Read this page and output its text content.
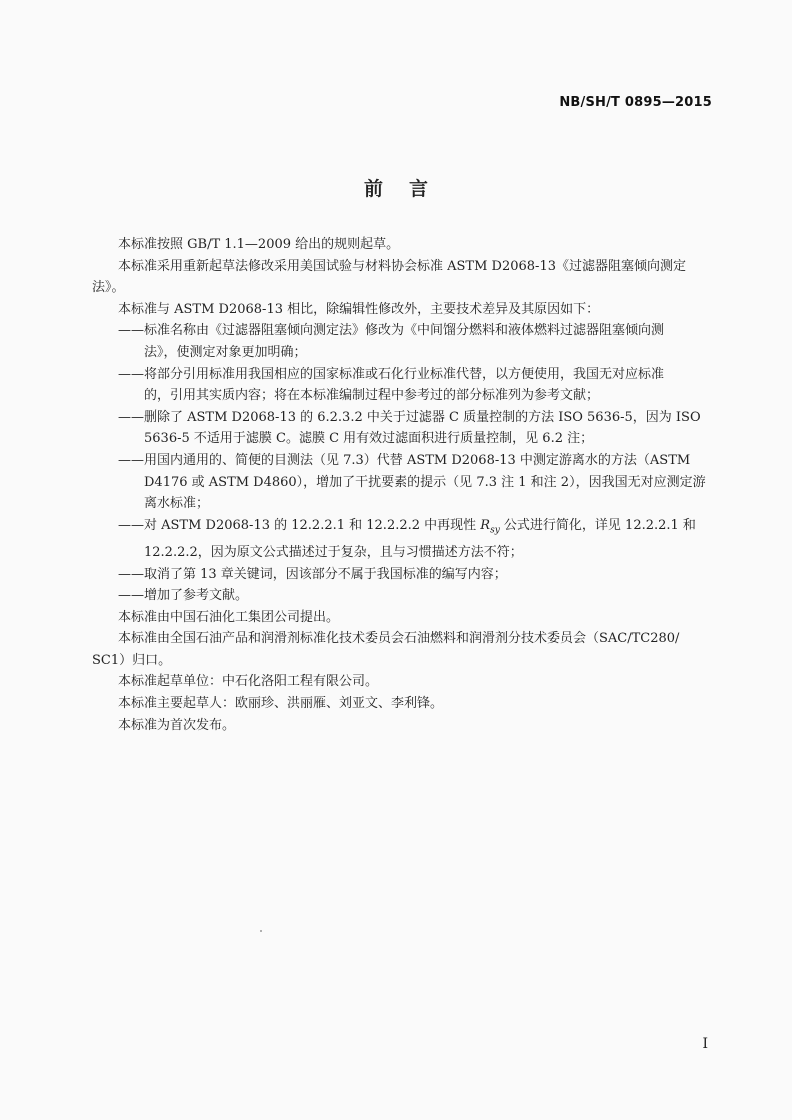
NB/SH/T 0895—2015
前言
本标准按照 GB/T 1.1—2009 给出的规则起草。
本标准采用重新起草法修改采用美国试验与材料协会标准 ASTM D2068-13《过滤器阻塞倾向测定
法》。
本标准与 ASTM D2068-13 相比，除编辑性修改外，主要技术差异及其原因如下：
——标准名称由《过滤器阻塞倾向测定法》修改为《中间馏分燃料和液体燃料过滤器阻塞倾向测
法》，使测定对象更加明确；
——将部分引用标准用我国相应的国家标准或石化行业标准代替，以方便使用，我国无对应标准
的，引用其实质内容；将在本标准编制过程中参考过的部分标准列为参考文献；
——删除了 ASTM D2068-13 的 6.2.3.2 中关于过滤器 C 质量控制的方法 ISO 5636-5，因为 ISO
5636-5 不适用于滤膜 C。滤膜 C 用有效过滤面积进行质量控制，见 6.2 注；
——用国内通用的、简便的目测法（见 7.3）代替 ASTM D2068-13 中测定游离水的方法（ASTM
D4176 或 ASTM D4860），增加了干扰要素的提示（见 7.3 注 1 和注 2），因我国无对应测定游
离水标准；
——对 ASTM D2068-13 的 12.2.2.1 和 12.2.2.2 中再现性 $R_{sy}$ 公式进行简化，详见 12.2.2.1 和
12.2.2.2，因为原文公式描述过于复杂，且与习惯描述方法不符；
——取消了第 13 章关键词，因该部分不属于我国标准的编写内容；
——增加了参考文献。
本标准由中国石油化工集团公司提出。
本标准由全国石油产品和润滑剂标准化技术委员会石油燃料和润滑剂分技术委员会（SAC/TC280/
SC1）归口。
本标准起草单位：中石化洛阳工程有限公司。
本标准主要起草人：欧丽珍、洪丽雁、刘亚文、李利锋。
本标准为首次发布。
I
